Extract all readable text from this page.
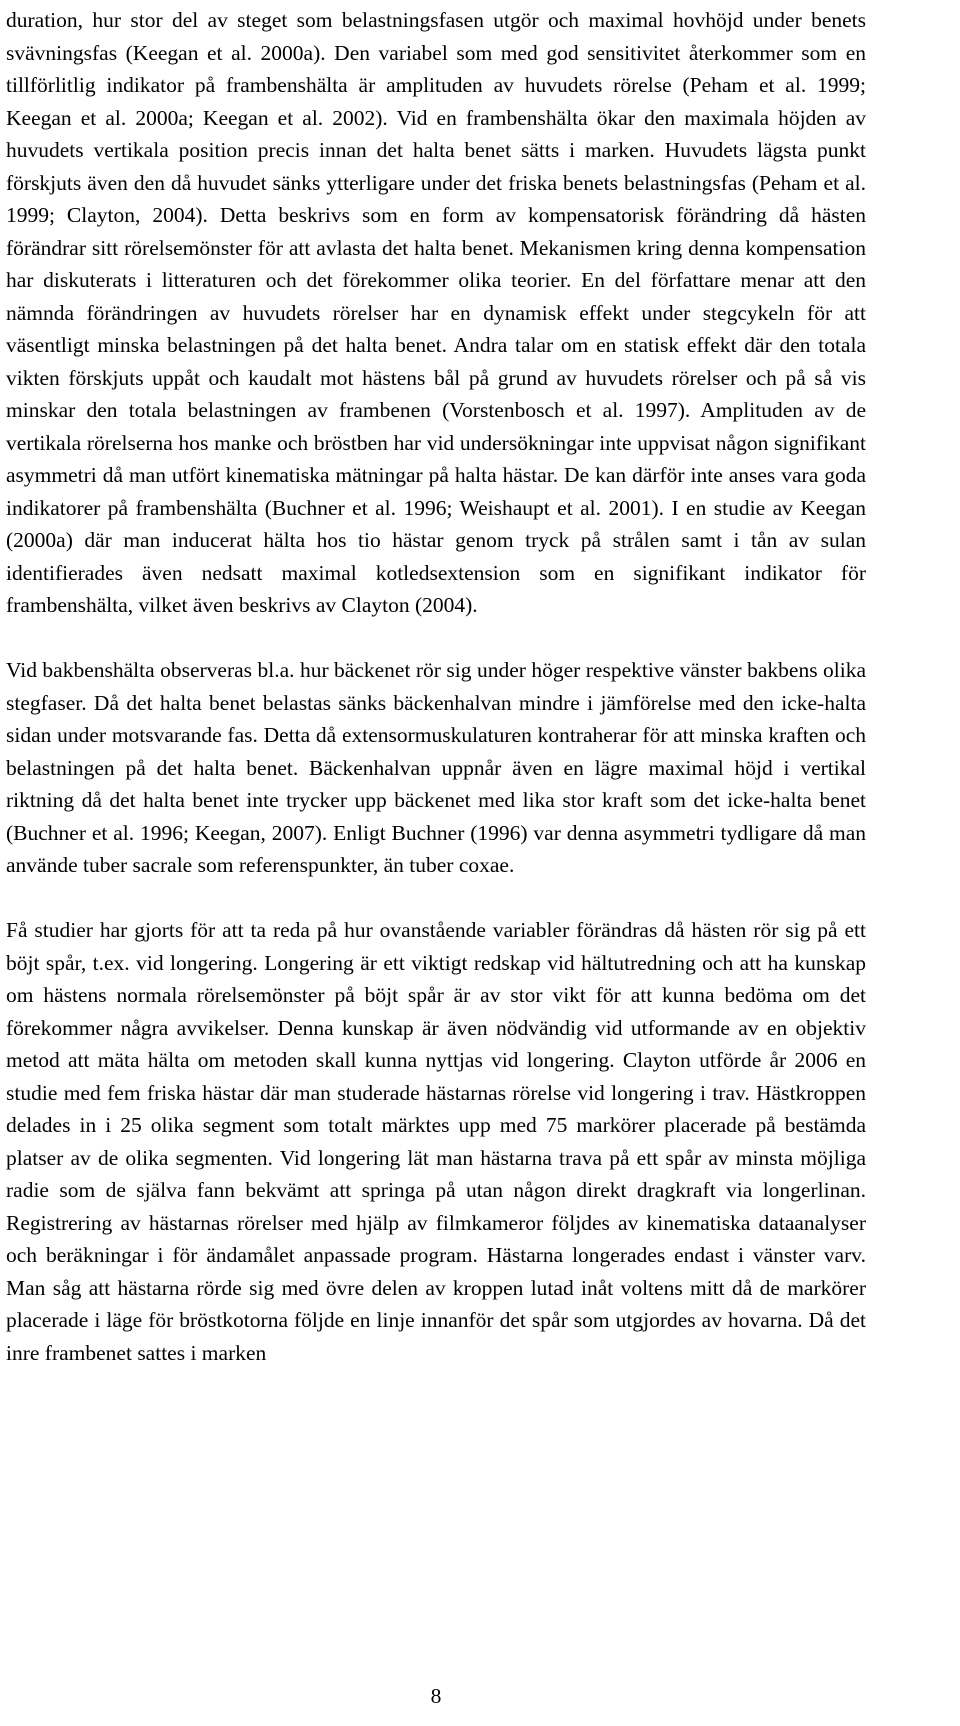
duration, hur stor del av steget som belastningsfasen utgör och maximal hovhöjd under benets svävningsfas (Keegan et al. 2000a). Den variabel som med god sensitivitet återkommer som en tillförlitlig indikator på frambenshälta är amplituden av huvudets rörelse (Peham et al. 1999; Keegan et al. 2000a; Keegan et al. 2002). Vid en frambenshälta ökar den maximala höjden av huvudets vertikala position precis innan det halta benet sätts i marken. Huvudets lägsta punkt förskjuts även den då huvudet sänks ytterligare under det friska benets belastningsfas (Peham et al. 1999; Clayton, 2004). Detta beskrivs som en form av kompensatorisk förändring då hästen förändrar sitt rörelsemönster för att avlasta det halta benet. Mekanismen kring denna kompensation har diskuterats i litteraturen och det förekommer olika teorier. En del författare menar att den nämnda förändringen av huvudets rörelser har en dynamisk effekt under stegcykeln för att väsentligt minska belastningen på det halta benet. Andra talar om en statisk effekt där den totala vikten förskjuts uppåt och kaudalt mot hästens bål på grund av huvudets rörelser och på så vis minskar den totala belastningen av frambenen (Vorstenbosch et al. 1997). Amplituden av de vertikala rörelserna hos manke och bröstben har vid undersökningar inte uppvisat någon signifikant asymmetri då man utfört kinematiska mätningar på halta hästar. De kan därför inte anses vara goda indikatorer på frambenshälta (Buchner et al. 1996; Weishaupt et al. 2001). I en studie av Keegan (2000a) där man inducerat hälta hos tio hästar genom tryck på strålen samt i tån av sulan identifierades även nedsatt maximal kotledsextension som en signifikant indikator för frambenshälta, vilket även beskrivs av Clayton (2004).

Vid bakbenshälta observeras bl.a. hur bäckenet rör sig under höger respektive vänster bakbens olika stegfaser. Då det halta benet belastas sänks bäckenhalvan mindre i jämförelse med den icke-halta sidan under motsvarande fas. Detta då extensormuskulaturen kontraherar för att minska kraften och belastningen på det halta benet. Bäckenhalvan uppnår även en lägre maximal höjd i vertikal riktning då det halta benet inte trycker upp bäckenet med lika stor kraft som det icke-halta benet (Buchner et al. 1996; Keegan, 2007). Enligt Buchner (1996) var denna asymmetri tydligare då man använde tuber sacrale som referenspunkter, än tuber coxae.

Få studier har gjorts för att ta reda på hur ovanstående variabler förändras då hästen rör sig på ett böjt spår, t.ex. vid longering. Longering är ett viktigt redskap vid hältutredning och att ha kunskap om hästens normala rörelsemönster på böjt spår är av stor vikt för att kunna bedöma om det förekommer några avvikelser. Denna kunskap är även nödvändig vid utformande av en objektiv metod att mäta hälta om metoden skall kunna nyttjas vid longering. Clayton utförde år 2006 en studie med fem friska hästar där man studerade hästarnas rörelse vid longering i trav. Hästkroppen delades in i 25 olika segment som totalt märktes upp med 75 markörer placerade på bestämda platser av de olika segmenten. Vid longering lät man hästarna trava på ett spår av minsta möjliga radie som de själva fann bekvämt att springa på utan någon direkt dragkraft via longerlinan. Registrering av hästarnas rörelser med hjälp av filmkameror följdes av kinematiska dataanalyser och beräkningar i för ändamålet anpassade program. Hästarna longerades endast i vänster varv. Man såg att hästarna rörde sig med övre delen av kroppen lutad inåt voltens mitt då de markörer placerade i läge för bröstkotorna följde en linje innanför det spår som utgjordes av hovarna. Då det inre frambenet sattes i marken

8
